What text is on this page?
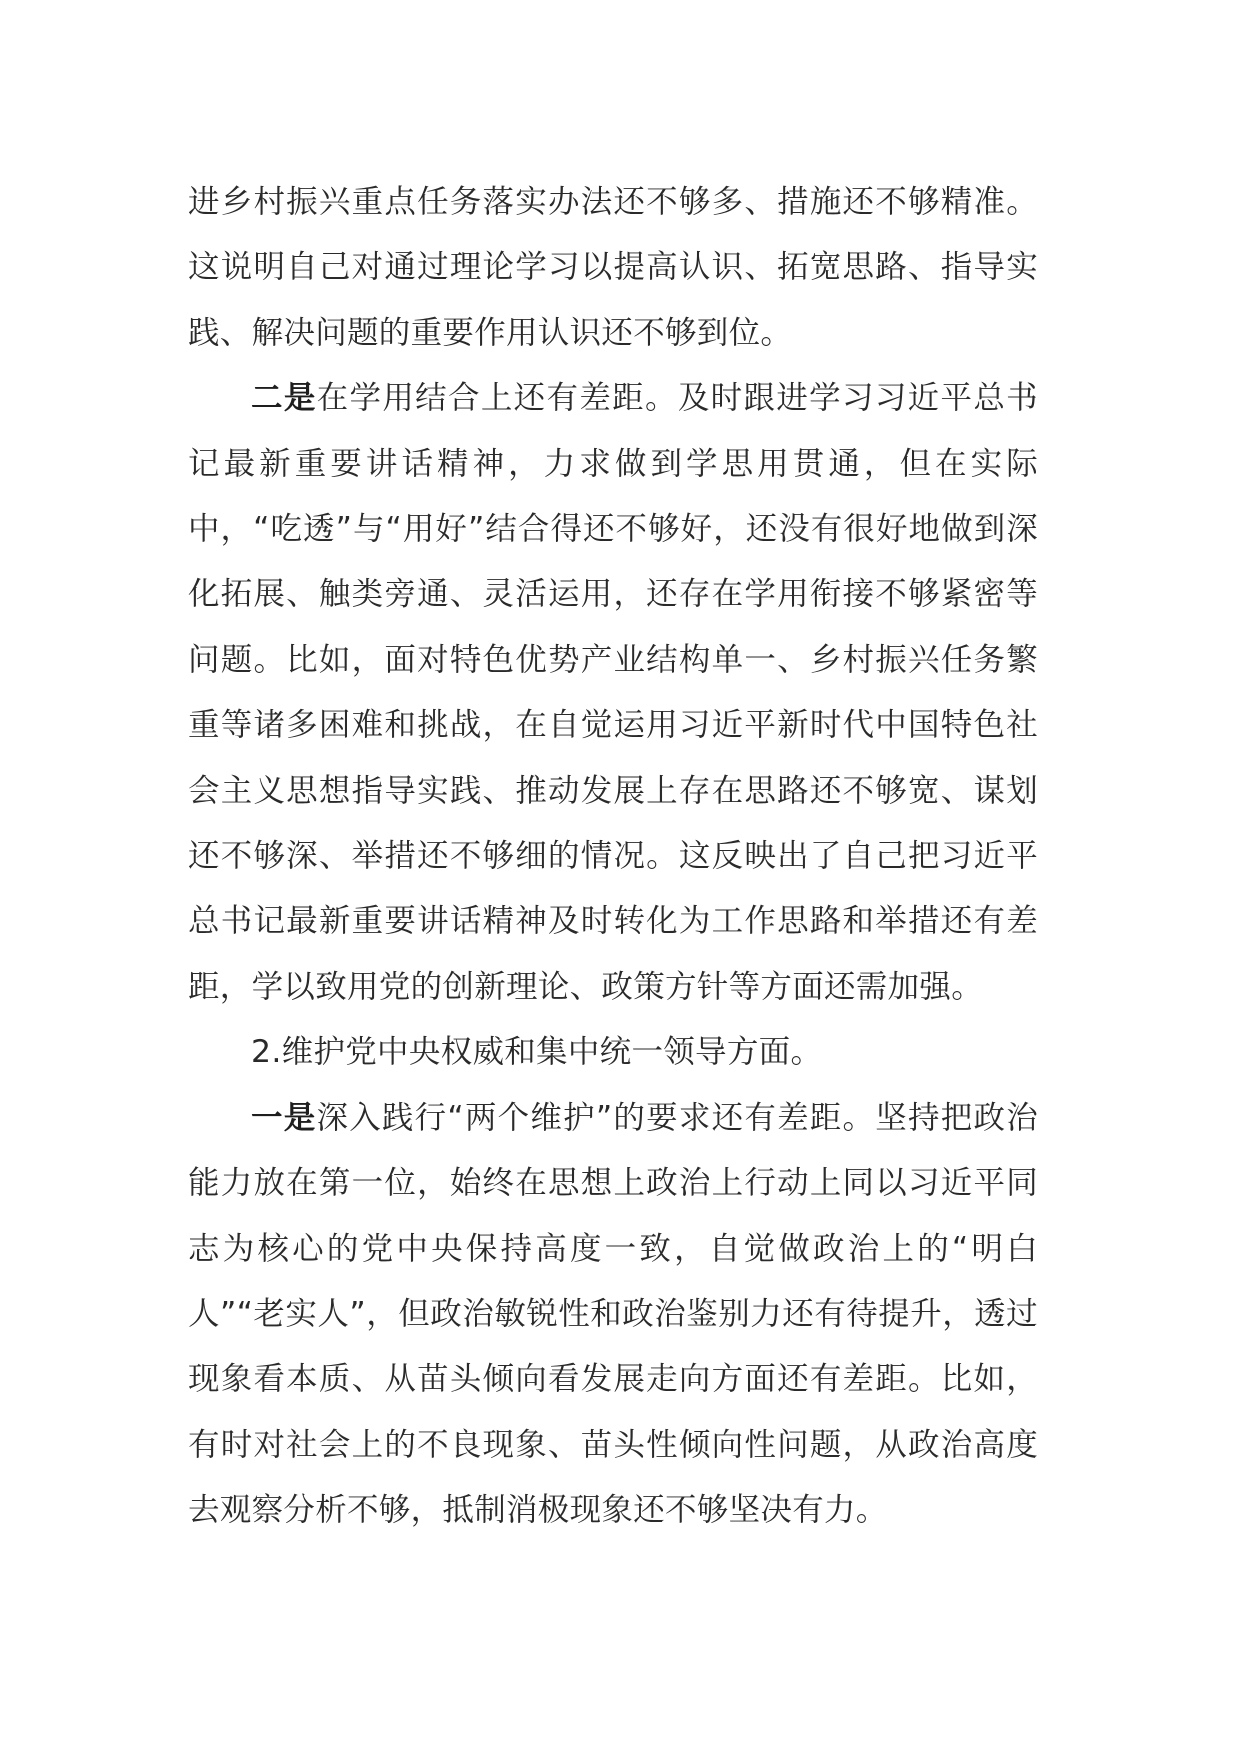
进乡村振兴重点任务落实办法还不够多、措施还不够精准。这说明自己对通过理论学习以提高认识、拓宽思路、指导实践、解决问题的重要作用认识还不够到位。

二是在学用结合上还有差距。及时跟进学习习近平总书记最新重要讲话精神，力求做到学思用贯通，但在实际中，“吃透”与“用好”结合得还不够好，还没有很好地做到深化拓展、触类旁通、灵活运用，还存在学用衔接不够紧密等问题。比如，面对特色优势产业结构单一、乡村振兴任务繁重等诸多困难和挑战，在自觉运用习近平新时代中国特色社会主义思想指导实践、推动发展上存在思路还不够宽、谋划还不够深、举措还不够细的情况。这反映出了自己把习近平总书记最新重要讲话精神及时转化为工作思路和举措还有差距，学以致用党的创新理论、政策方针等方面还需加强。

2.维护党中央权威和集中统一领导方面。

一是深入践行“两个维护”的要求还有差距。坚持把政治能力放在第一位，始终在思想上政治上行动上同以习近平同志为核心的党中央保持高度一致，自觉做政治上的“明白人”“老实人”，但政治敏锐性和政治鉴别力还有待提升，透过现象看本质、从苗头倾向看发展走向方面还有差距。比如，有时对社会上的不良现象、苗头性倾向性问题，从政治高度去观察分析不够，抵制消极现象还不够坚决有力。
